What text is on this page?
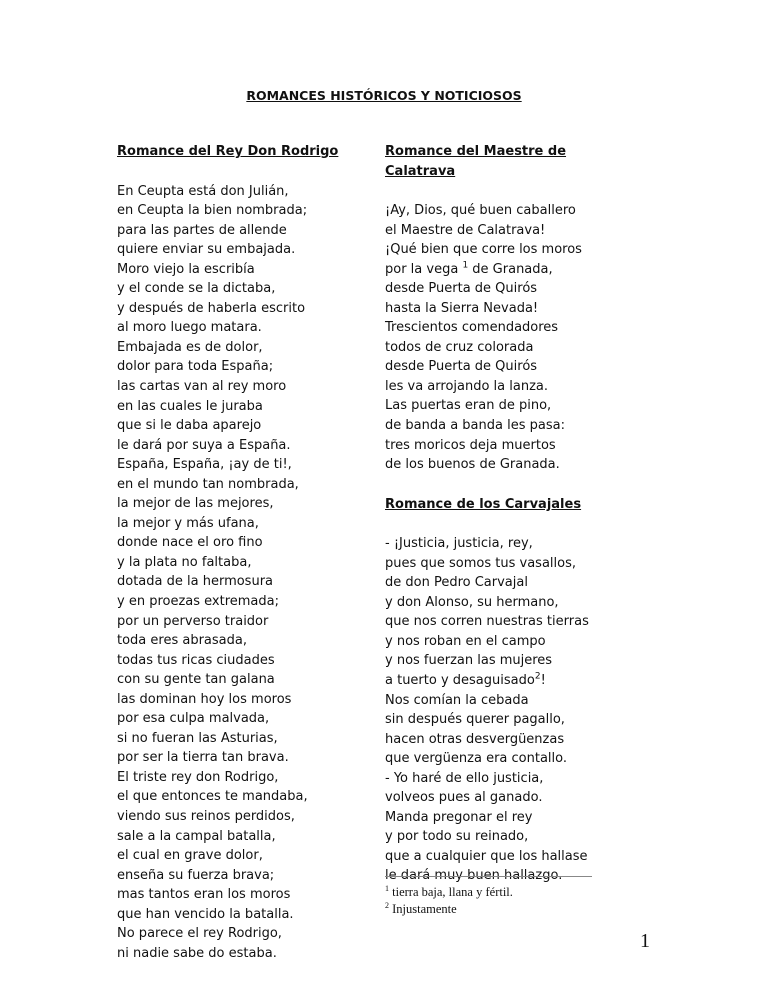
ROMANCES HISTÓRICOS Y NOTICIOSOS
Romance del Rey Don Rodrigo
En Ceupta está don Julián,
en Ceupta la bien nombrada;
para las partes de allende
quiere enviar su embajada.
Moro viejo la escribía
y el conde se la dictaba,
y después de haberla escrito
al moro luego matara.
Embajada es de dolor,
dolor para toda España;
las cartas van al rey moro
en las cuales le juraba
que si le daba aparejo
le dará por suya a España.
España, España, ¡ay de ti!,
en el mundo tan nombrada,
la mejor de las mejores,
la mejor y más ufana,
donde nace el oro fino
y la plata no faltaba,
dotada de la hermosura
y en proezas extremada;
por un perverso traidor
toda eres abrasada,
todas tus ricas ciudades
con su gente tan galana
las dominan hoy los moros
por esa culpa malvada,
si no fueran las Asturias,
por ser la tierra tan brava.
El triste rey don Rodrigo,
el que entonces te mandaba,
viendo sus reinos perdidos,
sale a la campal batalla,
el cual en grave dolor,
enseña su fuerza brava;
mas tantos eran los moros
que han vencido la batalla.
No parece el rey Rodrigo,
ni nadie sabe do estaba.
Romance del Maestre de
Calatrava
¡Ay, Dios, qué buen caballero
el Maestre de Calatrava!
¡Qué bien que corre los moros
por la vega $^1$ de Granada,
desde Puerta de Quirós
hasta la Sierra Nevada!
Trescientos comendadores
todos de cruz colorada
desde Puerta de Quirós
les va arrojando la lanza.
Las puertas eran de pino,
de banda a banda les pasa:
tres moricos deja muertos
de los buenos de Granada.
Romance de los Carvajales
- ¡Justicia, justicia, rey,
pues que somos tus vasallos,
de don Pedro Carvajal
y don Alonso, su hermano,
que nos corren nuestras tierras
y nos roban en el campo
y nos fuerzan las mujeres
a tuerto y desaguisado$^2$!
Nos comían la cebada
sin después querer pagallo,
hacen otras desvergüenzas
que vergüenza era contallo.
- Yo haré de ello justicia,
volveos pues al ganado.
Manda pregonar el rey
y por todo su reinado,
que a cualquier que los hallase
le dará muy buen hallazgo.
$^1$ tierra baja, llana y fértil.
$^2$ Injustamente
1
